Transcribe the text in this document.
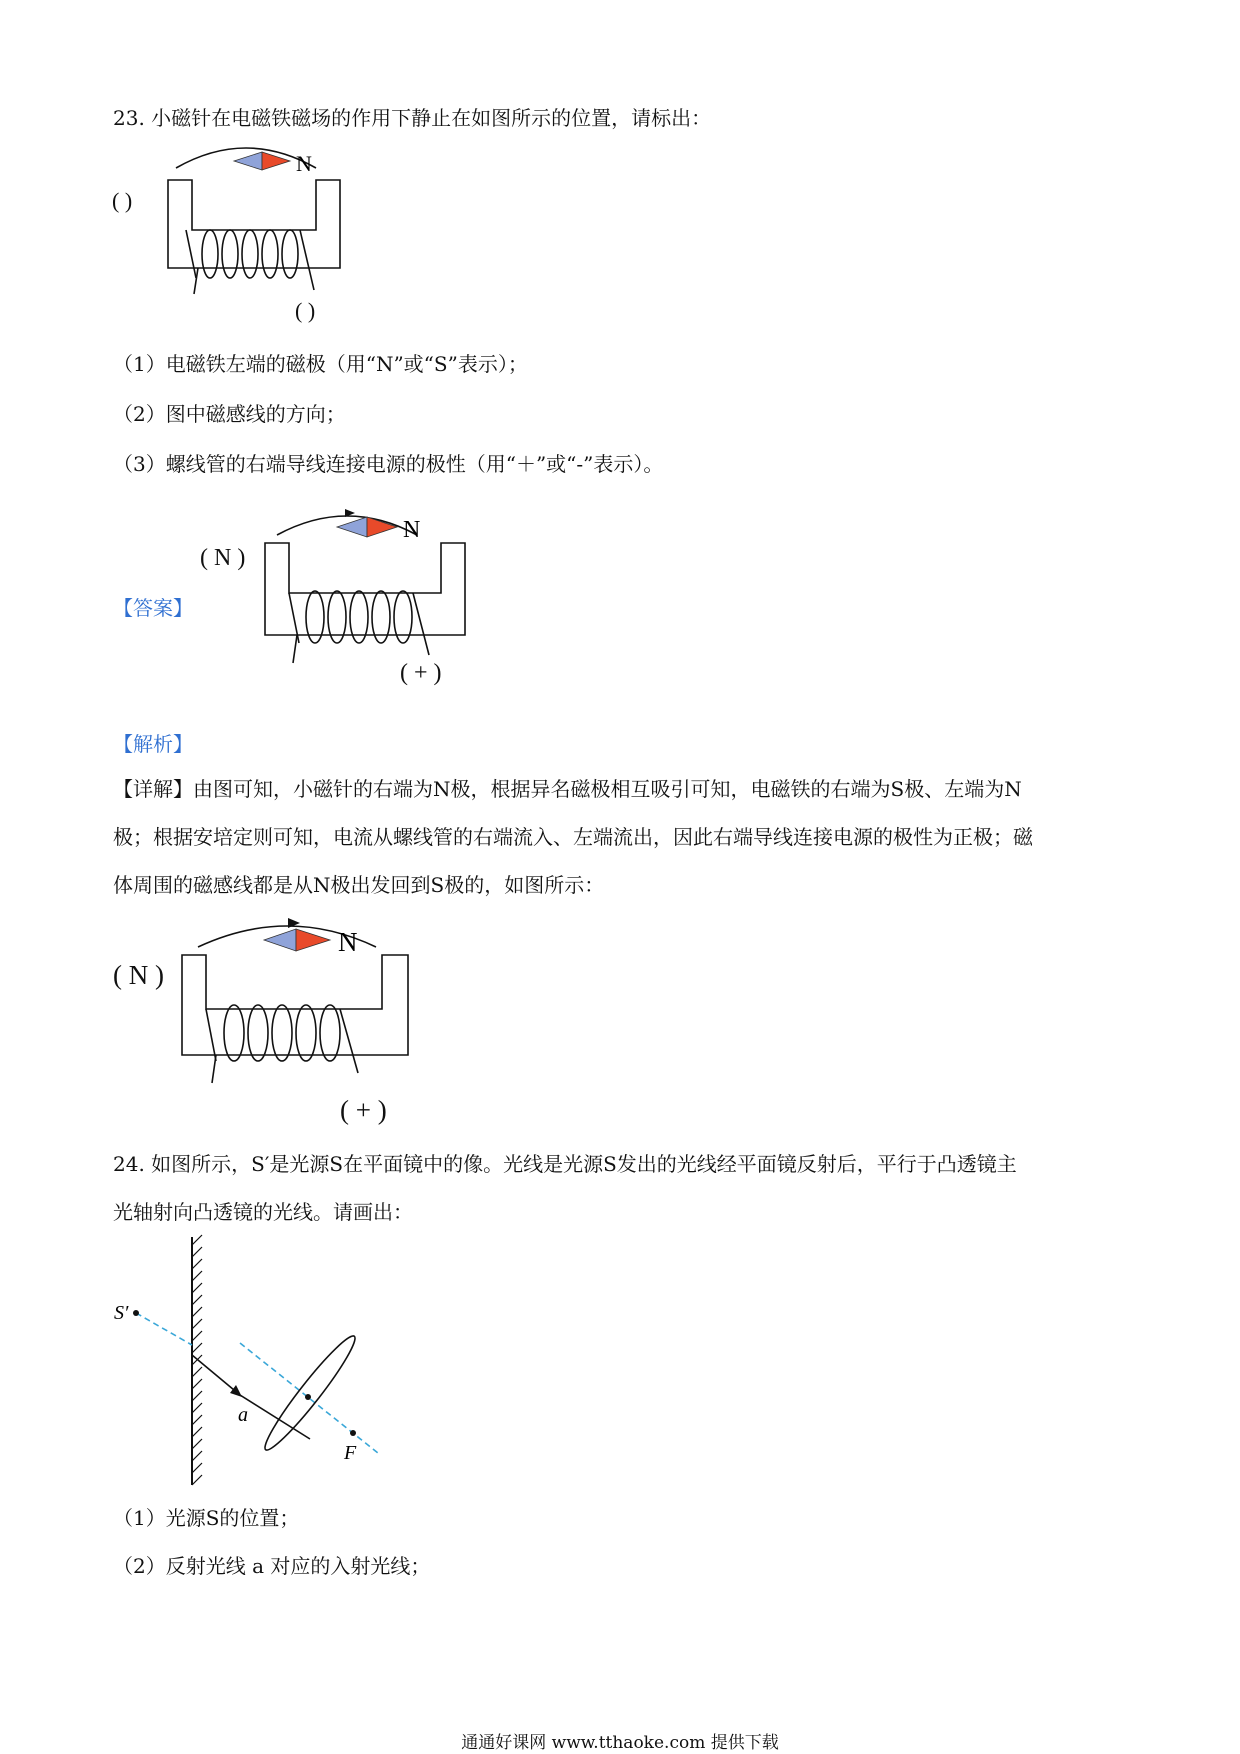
23. 小磁针在电磁铁磁场的作用下静止在如图所示的位置，请标出：
N
( )
( )
（1）电磁铁左端的磁极（用“N”或“S”表示）；
（2）图中磁感线的方向；
（3）螺线管的右端导线连接电源的极性（用“＋”或“-”表示）。
【答案】
( N )
N
( + )
【解析】
【详解】由图可知，小磁针的右端为N极，根据异名磁极相互吸引可知，电磁铁的右端为S极、左端为N
极；根据安培定则可知，电流从螺线管的右端流入、左端流出，因此右端导线连接电源的极性为正极；磁
体周围的磁感线都是从N极出发回到S极的，如图所示：
( N )
N
( + )
24. 如图所示，S′是光源S在平面镜中的像。光线是光源S发出的光线经平面镜反射后，平行于凸透镜主
光轴射向凸透镜的光线。请画出：
S′
a
F
（1）光源S的位置；
（2）反射光线 a 对应的入射光线；
通通好课网 www.tthaoke.com 提供下载
